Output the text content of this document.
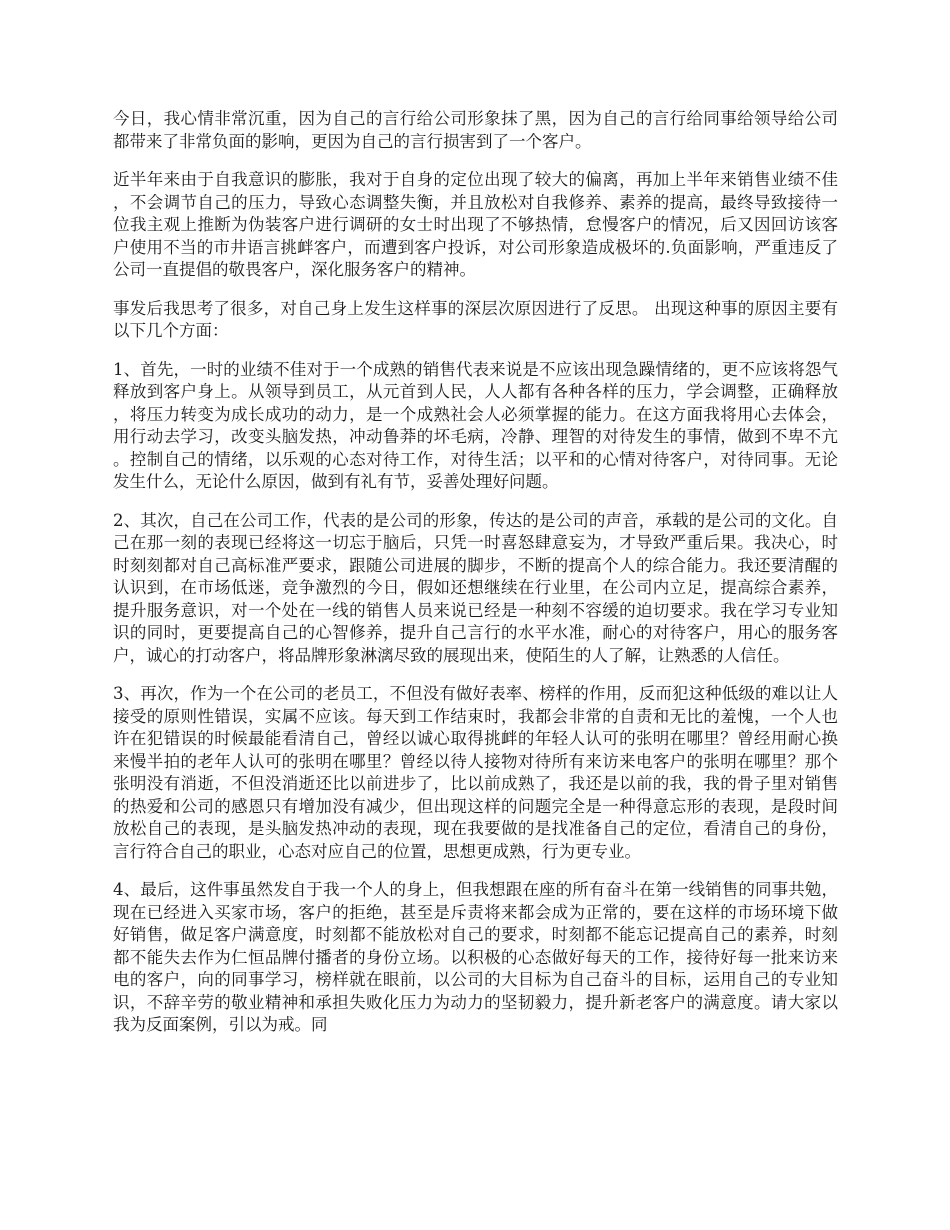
今日，我心情非常沉重，因为自己的言行给公司形象抹了黑，因为自己的言行给同事给领导给公司都带来了非常负面的影响，更因为自己的言行损害到了一个客户。

近半年来由于自我意识的膨胀，我对于自身的定位出现了较大的偏离，再加上半年来销售业绩不佳，不会调节自己的压力，导致心态调整失衡，并且放松对自我修养、素养的提高，最终导致接待一位我主观上推断为伪装客户进行调研的女士时出现了不够热情，怠慢客户的情况，后又因回访该客户使用不当的市井语言挑衅客户，而遭到客户投诉，对公司形象造成极坏的.负面影响，严重违反了公司一直提倡的敬畏客户，深化服务客户的精神。

事发后我思考了很多，对自己身上发生这样事的深层次原因进行了反思。 出现这种事的原因主要有以下几个方面：

1、首先，一时的业绩不佳对于一个成熟的销售代表来说是不应该出现急躁情绪的，更不应该将怨气释放到客户身上。从领导到员工，从元首到人民，人人都有各种各样的压力，学会调整，正确释放，将压力转变为成长成功的动力，是一个成熟社会人必须掌握的能力。在这方面我将用心去体会，用行动去学习，改变头脑发热，冲动鲁莽的坏毛病，冷静、理智的对待发生的事情，做到不卑不亢。控制自己的情绪，以乐观的心态对待工作，对待生活；以平和的心情对待客户，对待同事。无论发生什么，无论什么原因，做到有礼有节，妥善处理好问题。

2、其次，自己在公司工作，代表的是公司的形象，传达的是公司的声音，承载的是公司的文化。自己在那一刻的表现已经将这一切忘于脑后，只凭一时喜怒肆意妄为，才导致严重后果。我决心，时时刻刻都对自己高标准严要求，跟随公司进展的脚步，不断的提高个人的综合能力。我还要清醒的认识到，在市场低迷，竞争激烈的今日，假如还想继续在行业里，在公司内立足，提高综合素养，提升服务意识，对一个处在一线的销售人员来说已经是一种刻不容缓的迫切要求。我在学习专业知识的同时，更要提高自己的心智修养，提升自己言行的水平水准，耐心的对待客户，用心的服务客户，诚心的打动客户，将品牌形象淋漓尽致的展现出来，使陌生的人了解，让熟悉的人信任。

3、再次，作为一个在公司的老员工，不但没有做好表率、榜样的作用，反而犯这种低级的难以让人接受的原则性错误，实属不应该。每天到工作结束时，我都会非常的自责和无比的羞愧，一个人也许在犯错误的时候最能看清自己，曾经以诚心取得挑衅的年轻人认可的张明在哪里？曾经用耐心换来慢半拍的老年人认可的张明在哪里？曾经以待人接物对待所有来访来电客户的张明在哪里？那个张明没有消逝，不但没消逝还比以前进步了，比以前成熟了，我还是以前的我，我的骨子里对销售的热爱和公司的感恩只有增加没有减少，但出现这样的问题完全是一种得意忘形的表现，是段时间放松自己的表现，是头脑发热冲动的表现，现在我要做的是找准备自己的定位，看清自己的身份，言行符合自己的职业，心态对应自己的位置，思想更成熟，行为更专业。

4、最后，这件事虽然发自于我一个人的身上，但我想跟在座的所有奋斗在第一线销售的同事共勉，现在已经进入买家市场，客户的拒绝，甚至是斥责将来都会成为正常的，要在这样的市场环境下做好销售，做足客户满意度，时刻都不能放松对自己的要求，时刻都不能忘记提高自己的素养，时刻都不能失去作为仁恒品牌付播者的身份立场。以积极的心态做好每天的工作，接待好每一批来访来电的客户，向的同事学习，榜样就在眼前，以公司的大目标为自己奋斗的目标，运用自己的专业知识，不辞辛劳的敬业精神和承担失败化压力为动力的坚韧毅力，提升新老客户的满意度。请大家以我为反面案例，引以为戒。同
